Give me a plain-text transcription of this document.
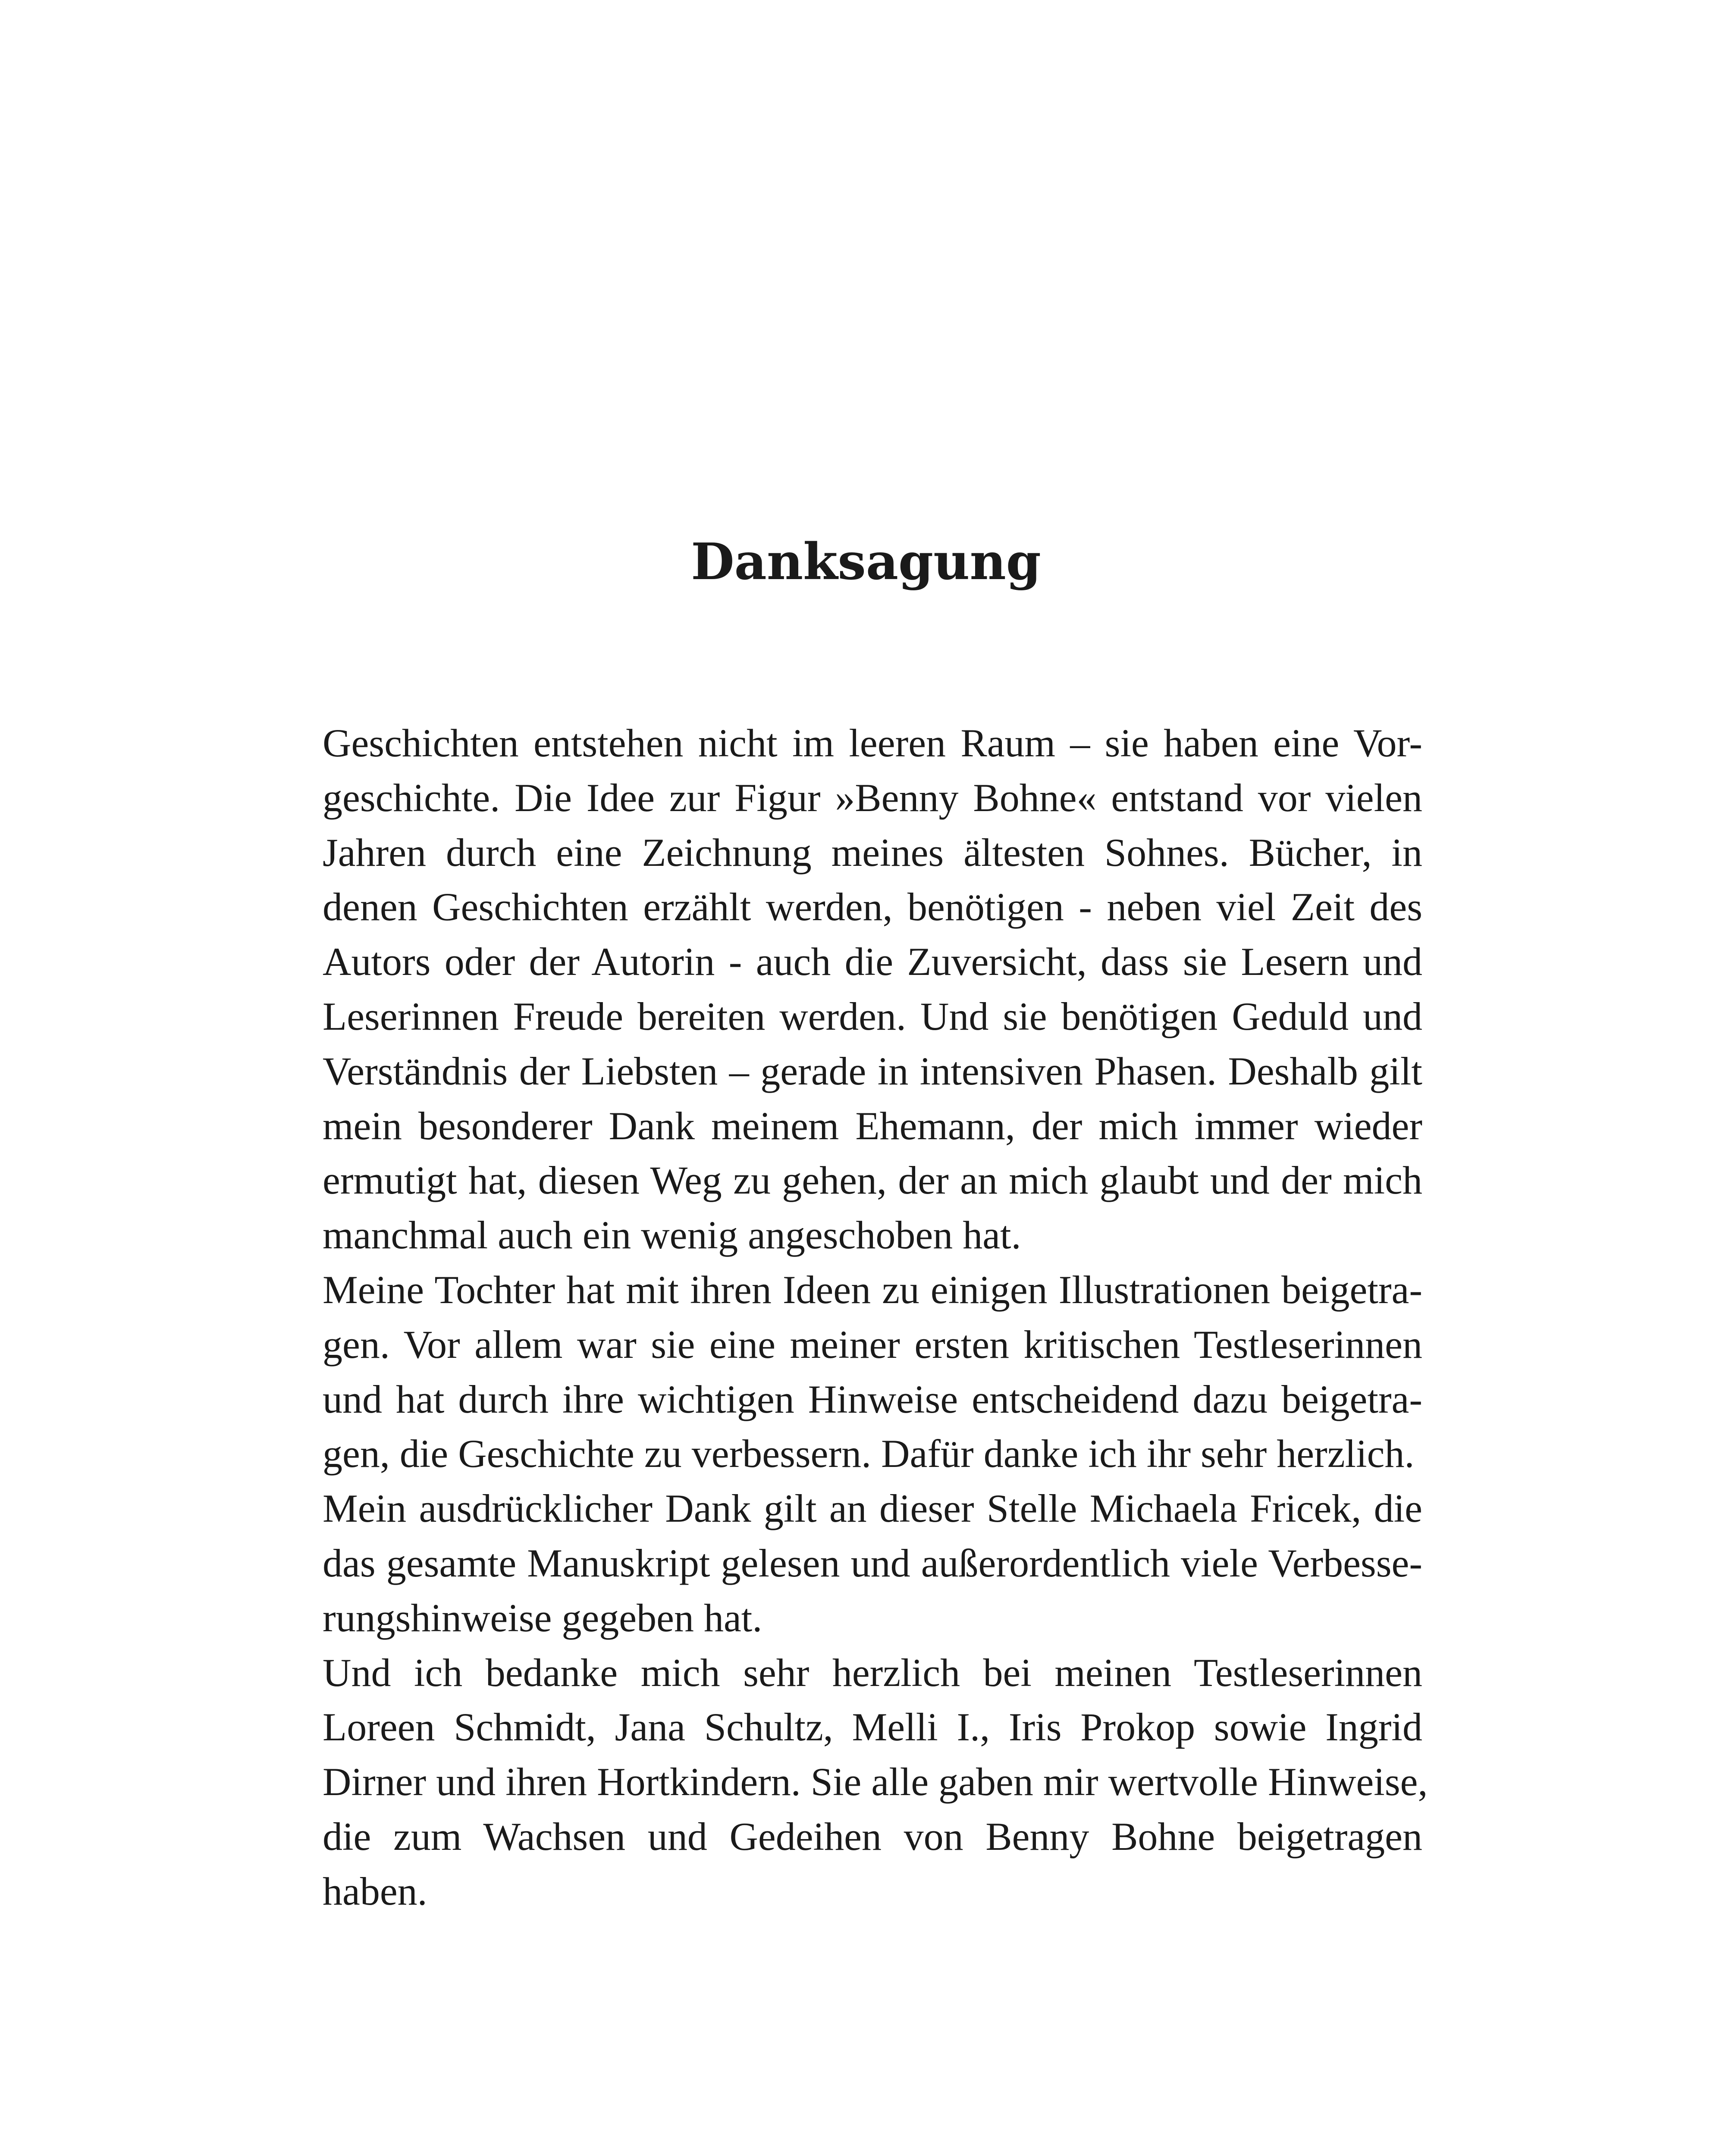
Danksagung
Geschichten entstehen nicht im leeren Raum – sie haben eine Vor-
geschichte. Die Idee zur Figur »Benny Bohne« entstand vor vielen
Jahren durch eine Zeichnung meines ältesten Sohnes. Bücher, in
denen Geschichten erzählt werden, benötigen - neben viel Zeit des
Autors oder der Autorin - auch die Zuversicht, dass sie Lesern und
Leserinnen Freude bereiten werden. Und sie benötigen Geduld und
Verständnis der Liebsten – gerade in intensiven Phasen. Deshalb gilt
mein besonderer Dank meinem Ehemann, der mich immer wieder
ermutigt hat, diesen Weg zu gehen, der an mich glaubt und der mich
manchmal auch ein wenig angeschoben hat.
Meine Tochter hat mit ihren Ideen zu einigen Illustrationen beigetra-
gen. Vor allem war sie eine meiner ersten kritischen Testleserinnen
und hat durch ihre wichtigen Hinweise entscheidend dazu beigetra-
gen, die Geschichte zu verbessern. Dafür danke ich ihr sehr herzlich.
Mein ausdrücklicher Dank gilt an dieser Stelle Michaela Fricek, die
das gesamte Manuskript gelesen und außerordentlich viele Verbesse-
rungshinweise gegeben hat.
Und ich bedanke mich sehr herzlich bei meinen Testleserinnen
Loreen Schmidt, Jana Schultz, Melli I., Iris Prokop sowie Ingrid
Dirner und ihren Hortkindern. Sie alle gaben mir wertvolle Hinweise,
die zum Wachsen und Gedeihen von Benny Bohne beigetragen
haben.
